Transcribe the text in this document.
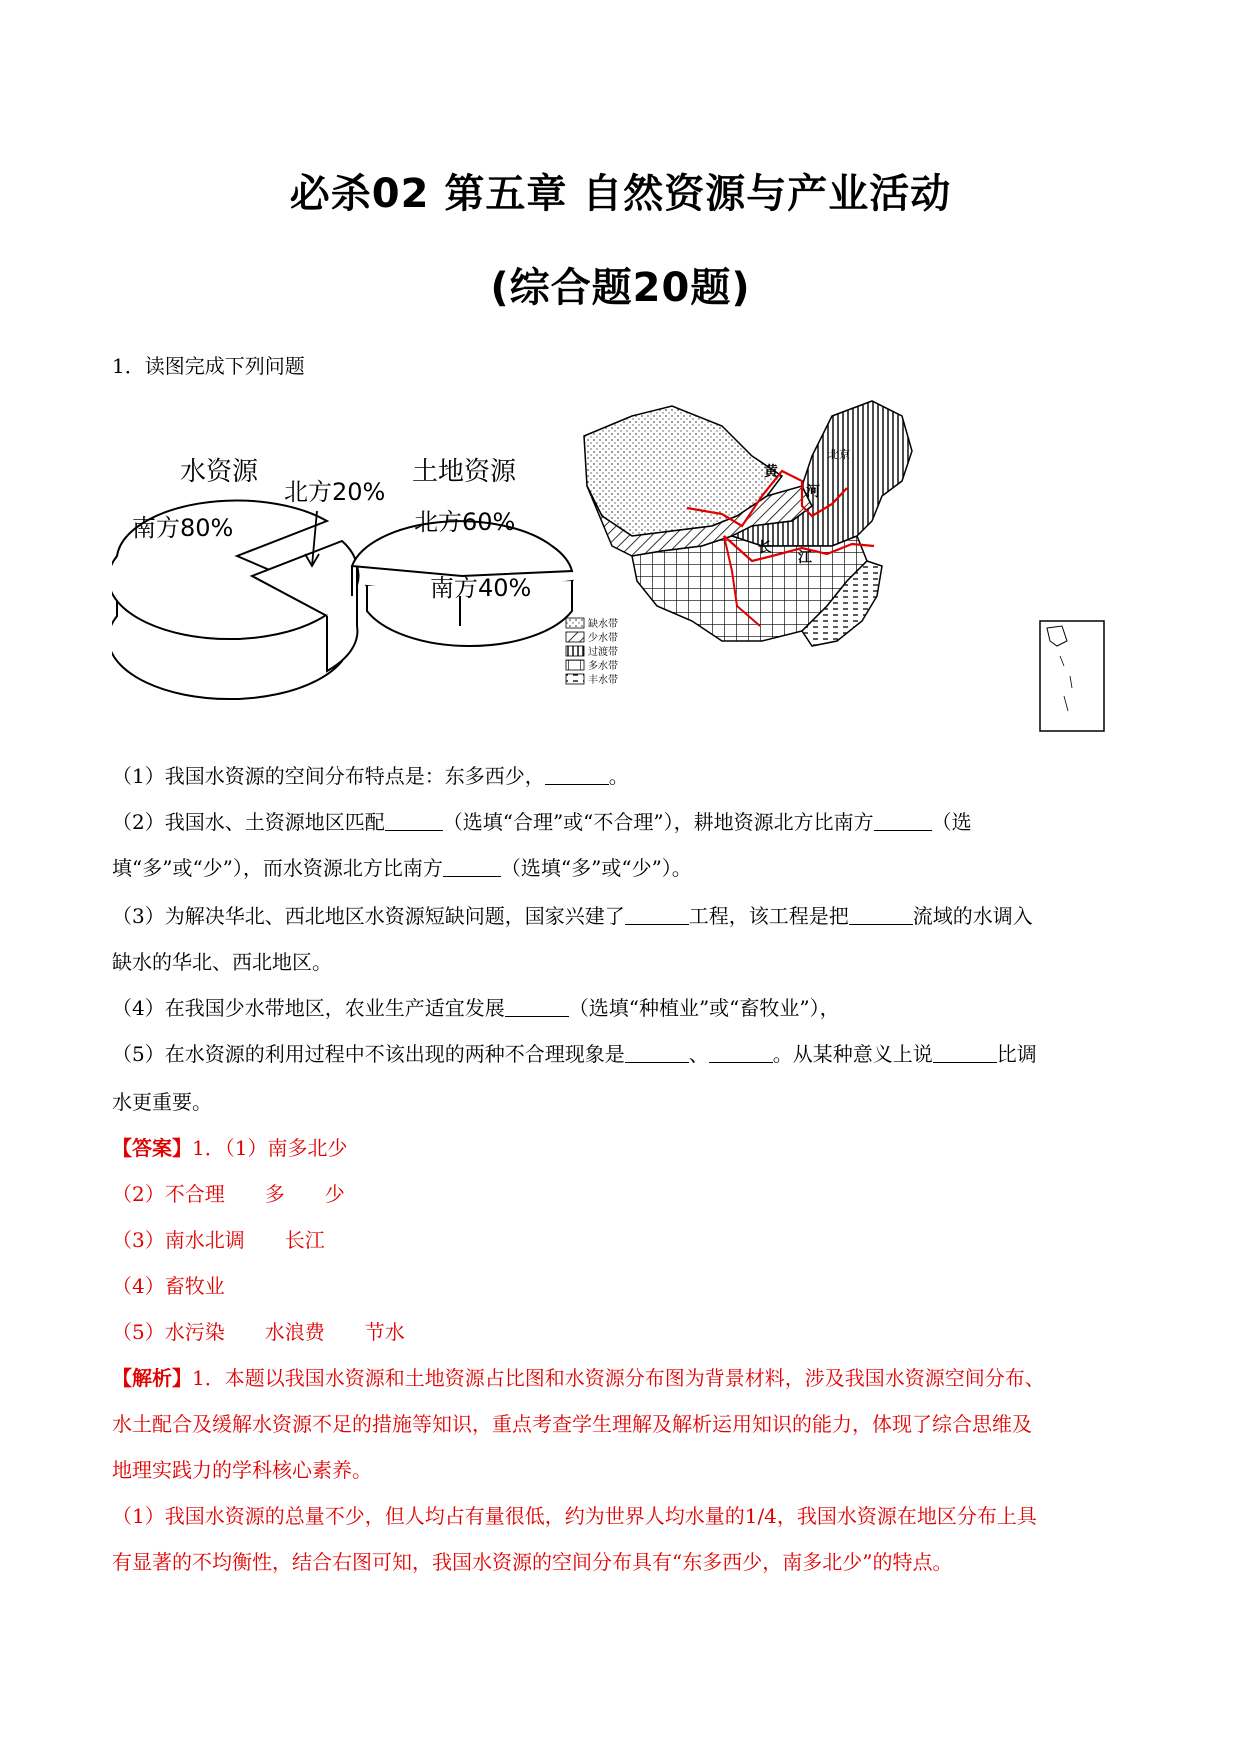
必杀02 第五章 自然资源与产业活动
(综合题20题)
1．读图完成下列问题
水资源
北方20%
南方80%
土地资源
北方60%
南方40%
黄
河
北京
长
江
缺水带
少水带
过渡带
多水带
丰水带
（1）我国水资源的空间分布特点是：东多西少，	。
（2）我国水、土资源地区匹配	（选填“合理”或“不合理”），耕地资源北方比南方	（选
填“多”或“少”），而水资源北方比南方	（选填“多”或“少”）。
（3）为解决华北、西北地区水资源短缺问题，国家兴建了	工程，该工程是把	流域的水调入
缺水的华北、西北地区。
（4）在我国少水带地区，农业生产适宜发展	（选填“种植业”或“畜牧业”），
（5）在水资源的利用过程中不该出现的两种不合理现象是	、	。从某种意义上说	比调
水更重要。
【答案】1．（1）南多北少
（2）不合理 多 少
（3）南水北调 长江
（4）畜牧业
（5）水污染 水浪费 节水
【解析】1．本题以我国水资源和土地资源占比图和水资源分布图为背景材料，涉及我国水资源空间分布、
水土配合及缓解水资源不足的措施等知识，重点考查学生理解及解析运用知识的能力，体现了综合思维及
地理实践力的学科核心素养。
（1）我国水资源的总量不少，但人均占有量很低，约为世界人均水量的1/4，我国水资源在地区分布上具
有显著的不均衡性，结合右图可知，我国水资源的空间分布具有“东多西少，南多北少”的特点。
